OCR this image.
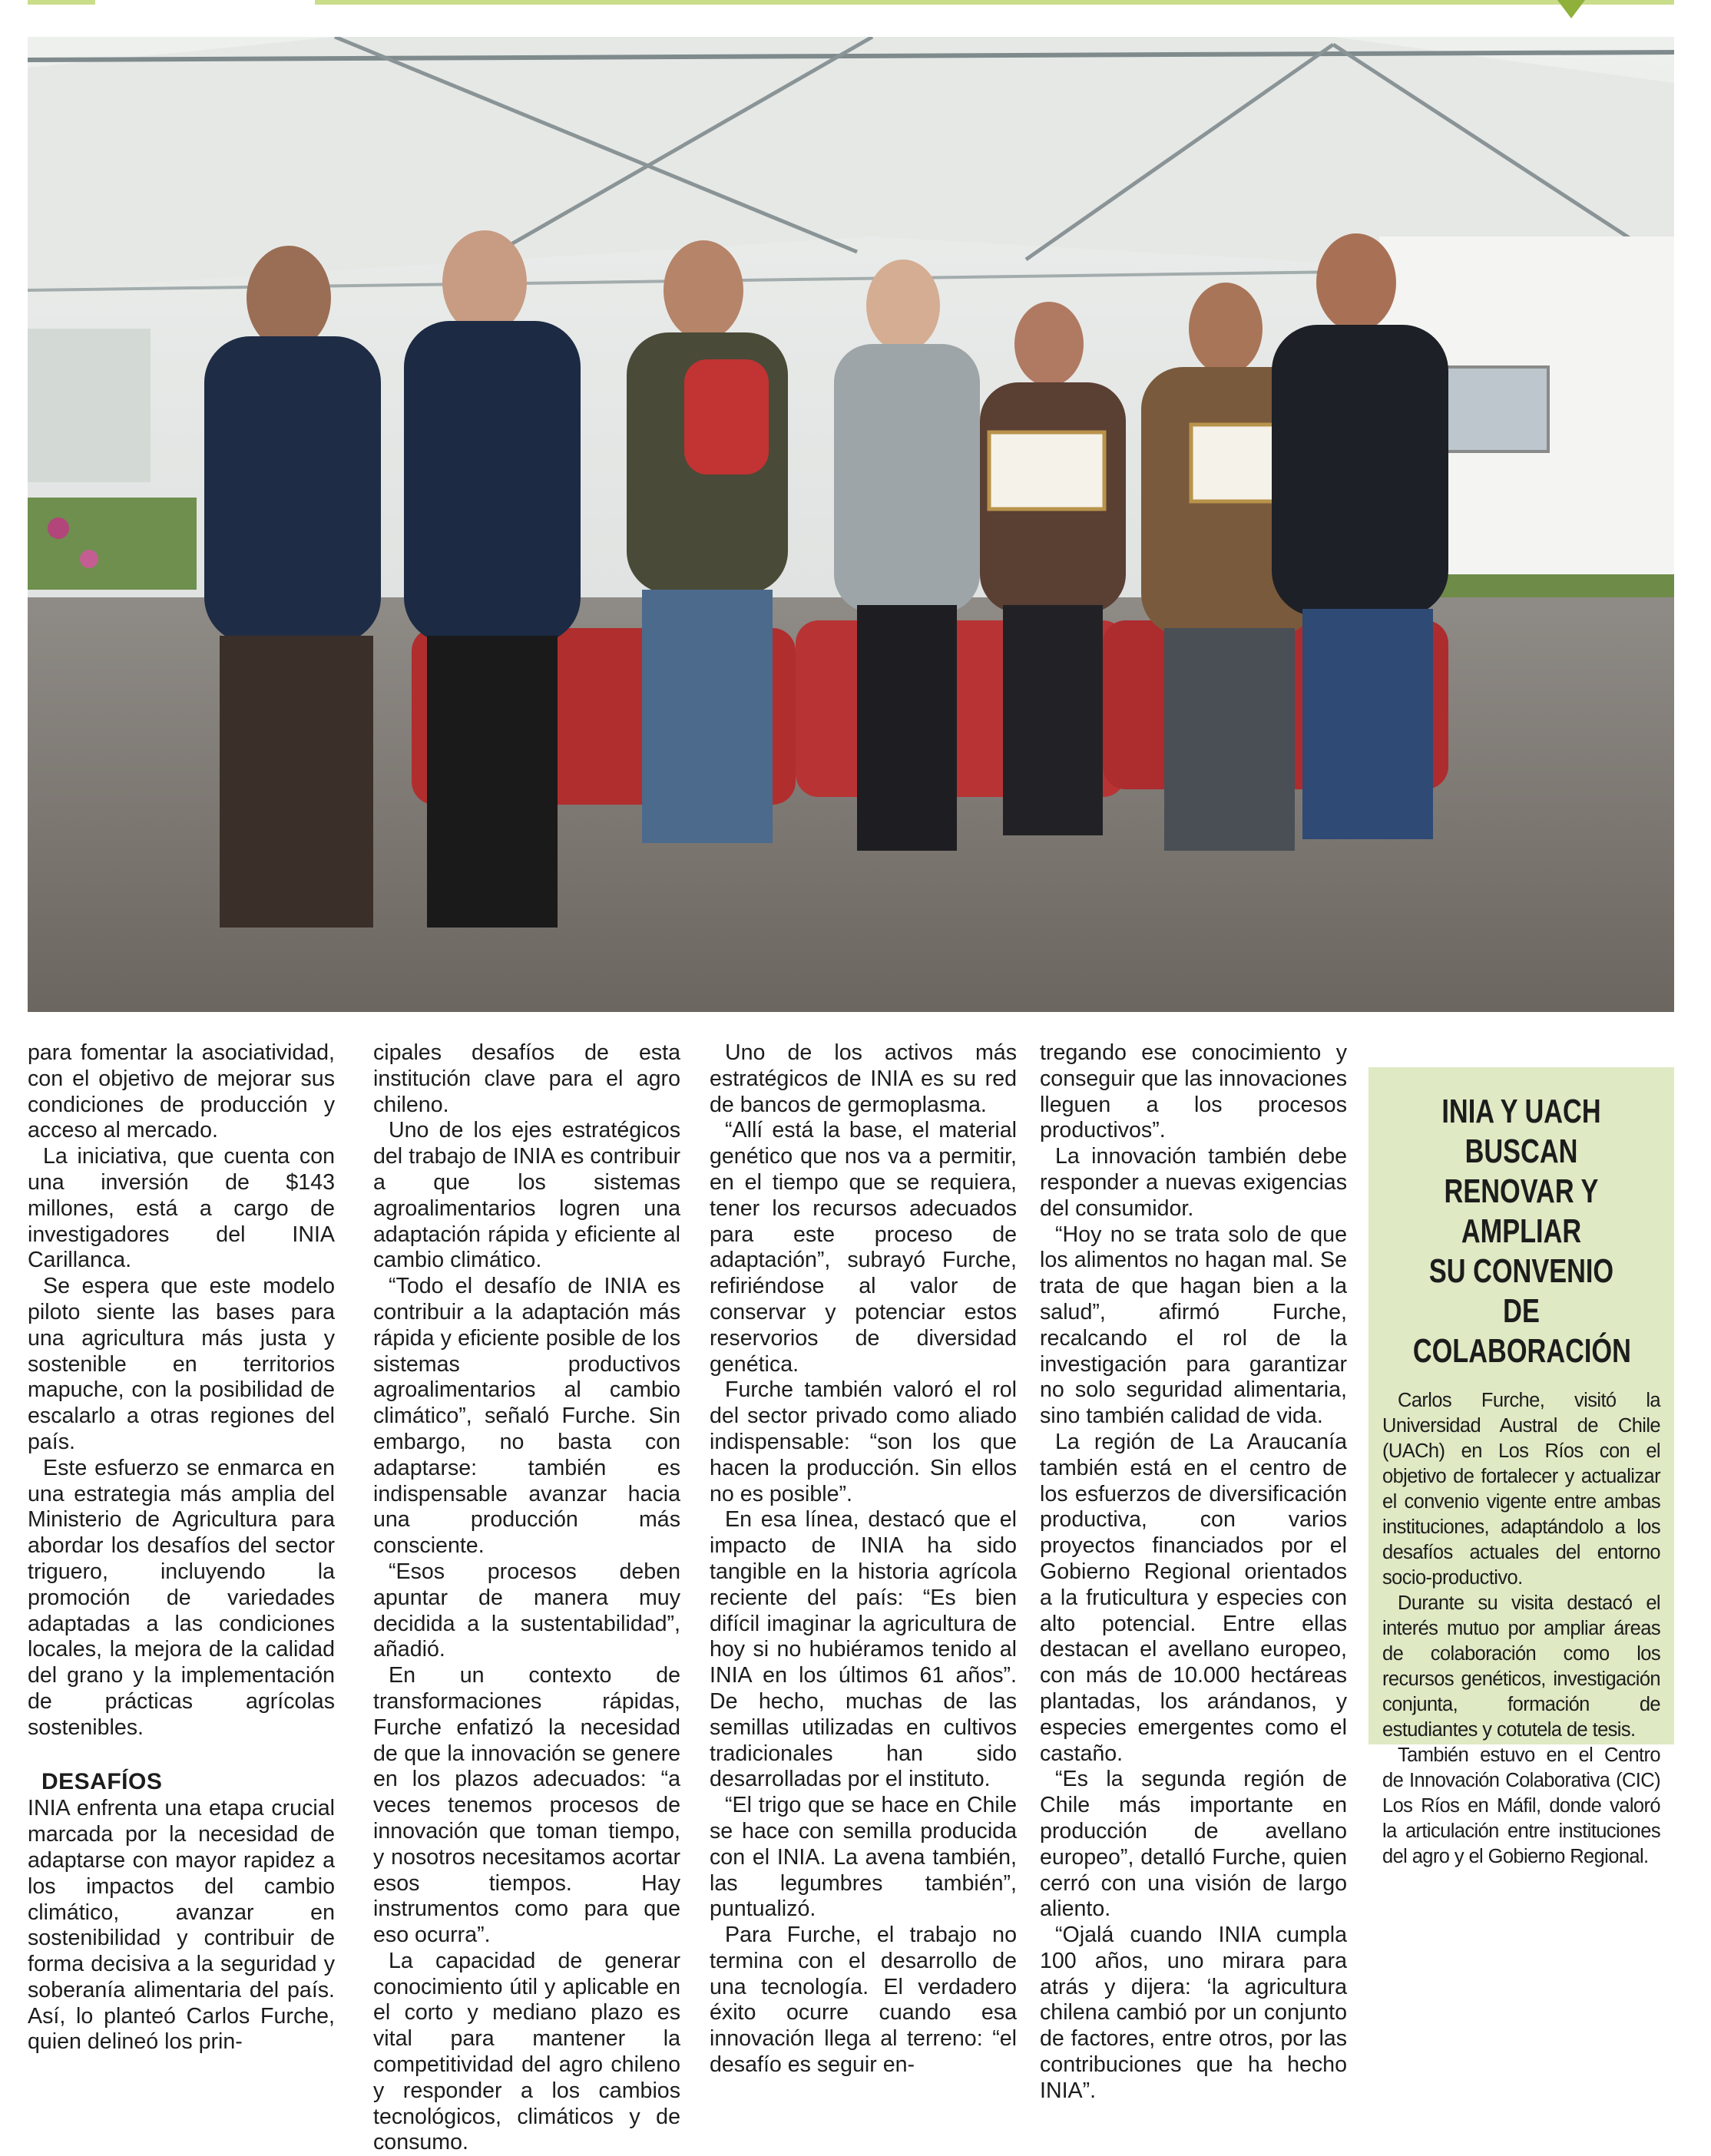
para fomentar la asociatividad, con el objetivo de mejorar sus condiciones de producción y acceso al mercado.

La iniciativa, que cuenta con una inversión de $143 millones, está a cargo de investigadores del INIA Carillanca.

Se espera que este modelo piloto siente las bases para una agricultura más justa y sostenible en territorios mapuche, con la posibilidad de escalarlo a otras regiones del país.

Este esfuerzo se enmarca en una estrategia más amplia del Ministerio de Agricultura para abordar los desafíos del sector triguero, incluyendo la promoción de variedades adaptadas a las condiciones locales, la mejora de la calidad del grano y la implementación de prácticas agrícolas sostenibles.

DESAFÍOS

INIA enfrenta una etapa crucial marcada por la necesidad de adaptarse con mayor rapidez a los impactos del cambio climático, avanzar en sostenibilidad y contribuir de forma decisiva a la seguridad y soberanía alimentaria del país. Así, lo planteó Carlos Furche, quien delineó los prin-

cipales desafíos de esta institución clave para el agro chileno.

Uno de los ejes estratégicos del trabajo de INIA es contribuir a que los sistemas agroalimentarios logren una adaptación rápida y eficiente al cambio climático.

“Todo el desafío de INIA es contribuir a la adaptación más rápida y eficiente posible de los sistemas productivos agroalimentarios al cambio climático”, señaló Furche. Sin embargo, no basta con adaptarse: también es indispensable avanzar hacia una producción más consciente.

“Esos procesos deben apuntar de manera muy decidida a la sustentabilidad”, añadió.

En un contexto de transformaciones rápidas, Furche enfatizó la necesidad de que la innovación se genere en los plazos adecuados: “a veces tenemos procesos de innovación que toman tiempo, y nosotros necesitamos acortar esos tiempos. Hay instrumentos como para que eso ocurra”.

La capacidad de generar conocimiento útil y aplicable en el corto y mediano plazo es vital para mantener la competitividad del agro chileno y responder a los cambios tecnológicos, climáticos y de consumo.

Uno de los activos más estratégicos de INIA es su red de bancos de germoplasma.

“Allí está la base, el material genético que nos va a permitir, en el tiempo que se requiera, tener los recursos adecuados para este proceso de adaptación”, subrayó Furche, refiriéndose al valor de conservar y potenciar estos reservorios de diversidad genética.

Furche también valoró el rol del sector privado como aliado indispensable: “son los que hacen la producción. Sin ellos no es posible”.

En esa línea, destacó que el impacto de INIA ha sido tangible en la historia agrícola reciente del país: “Es bien difícil imaginar la agricultura de hoy si no hubiéramos tenido al INIA en los últimos 61 años”. De hecho, muchas de las semillas utilizadas en cultivos tradicionales han sido desarrolladas por el instituto.

“El trigo que se hace en Chile se hace con semilla producida con el INIA. La avena también, las legumbres también”, puntualizó.

Para Furche, el trabajo no termina con el desarrollo de una tecnología. El verdadero éxito ocurre cuando esa innovación llega al terreno: “el desafío es seguir en-

tregando ese conocimiento y conseguir que las innovaciones lleguen a los procesos productivos”.

La innovación también debe responder a nuevas exigencias del consumidor.

“Hoy no se trata solo de que los alimentos no hagan mal. Se trata de que hagan bien a la salud”, afirmó Furche, recalcando el rol de la investigación para garantizar no solo seguridad alimentaria, sino también calidad de vida.

La región de La Araucanía también está en el centro de los esfuerzos de diversificación productiva, con varios proyectos financiados por el Gobierno Regional orientados a la fruticultura y especies con alto potencial. Entre ellas destacan el avellano europeo, con más de 10.000 hectáreas plantadas, los arándanos, y especies emergentes como el castaño.

“Es la segunda región de Chile más importante en producción de avellano europeo”, detalló Furche, quien cerró con una visión de largo aliento.

“Ojalá cuando INIA cumpla 100 años, uno mirara para atrás y dijera: ‘la agricultura chilena cambió por un conjunto de factores, entre otros, por las contribuciones que ha hecho INIA”.

INIA Y UACH BUSCAN
RENOVAR Y AMPLIAR
SU CONVENIO DE
COLABORACIÓN

Carlos Furche, visitó la Universidad Austral de Chile (UACh) en Los Ríos con el objetivo de fortalecer y actualizar el convenio vigente entre ambas instituciones, adaptándolo a los desafíos actuales del entorno socio-productivo.

Durante su visita destacó el interés mutuo por ampliar áreas de colaboración como los recursos genéticos, investigación conjunta, formación de estudiantes y cotutela de tesis.

También estuvo en el Centro de Innovación Colaborativa (CIC) Los Ríos en Máfil, donde valoró la articulación entre instituciones del agro y el Gobierno Regional.
